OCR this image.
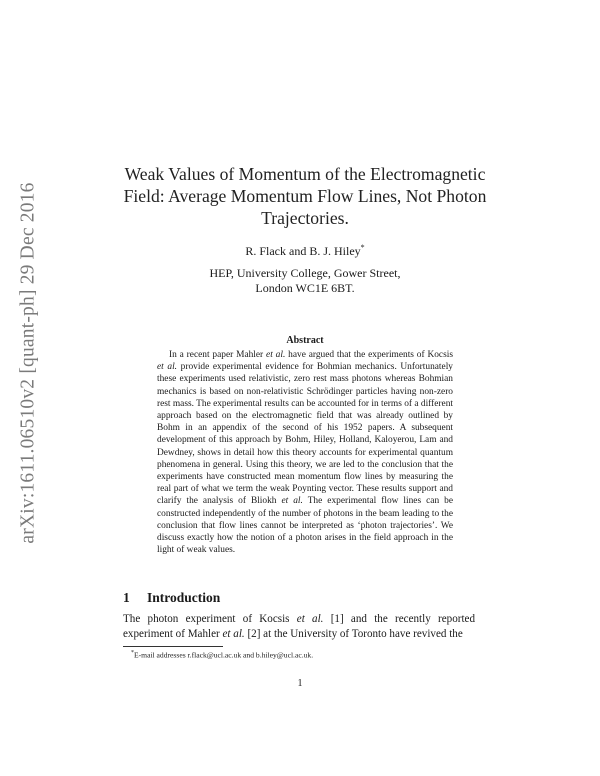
arXiv:1611.06510v2 [quant-ph] 29 Dec 2016
Weak Values of Momentum of the Electromagnetic
Field: Average Momentum Flow Lines, Not Photon
Trajectories.
R. Flack and B. J. Hiley*
HEP, University College, Gower Street,
London WC1E 6BT.
Abstract
In a recent paper Mahler et al. have argued that the experiments of Kocsis et al. provide experimental evidence for Bohmian mechanics. Unfortunately these experiments used relativistic, zero rest mass photons whereas Bohmian mechanics is based on non-relativistic Schrödinger particles having non-zero rest mass. The experimental results can be accounted for in terms of a different approach based on the electromagnetic field that was already outlined by Bohm in an appendix of the second of his 1952 papers. A subsequent development of this approach by Bohm, Hiley, Holland, Kaloyerou, Lam and Dewdney, shows in detail how this theory accounts for experimental quantum phenomena in general. Using this theory, we are led to the conclusion that the experiments have constructed mean momentum flow lines by measuring the real part of what we term the weak Poynting vector. These results support and clarify the analysis of Bliokh et al. The experimental flow lines can be constructed independently of the number of photons in the beam leading to the conclusion that flow lines cannot be interpreted as ‘photon trajectories’. We discuss exactly how the notion of a photon arises in the field approach in the light of weak values.
1 Introduction
The photon experiment of Kocsis et al. [1] and the recently reported experiment of Mahler et al. [2] at the University of Toronto have revived the
*E-mail addresses r.flack@ucl.ac.uk and b.hiley@ucl.ac.uk.
1
